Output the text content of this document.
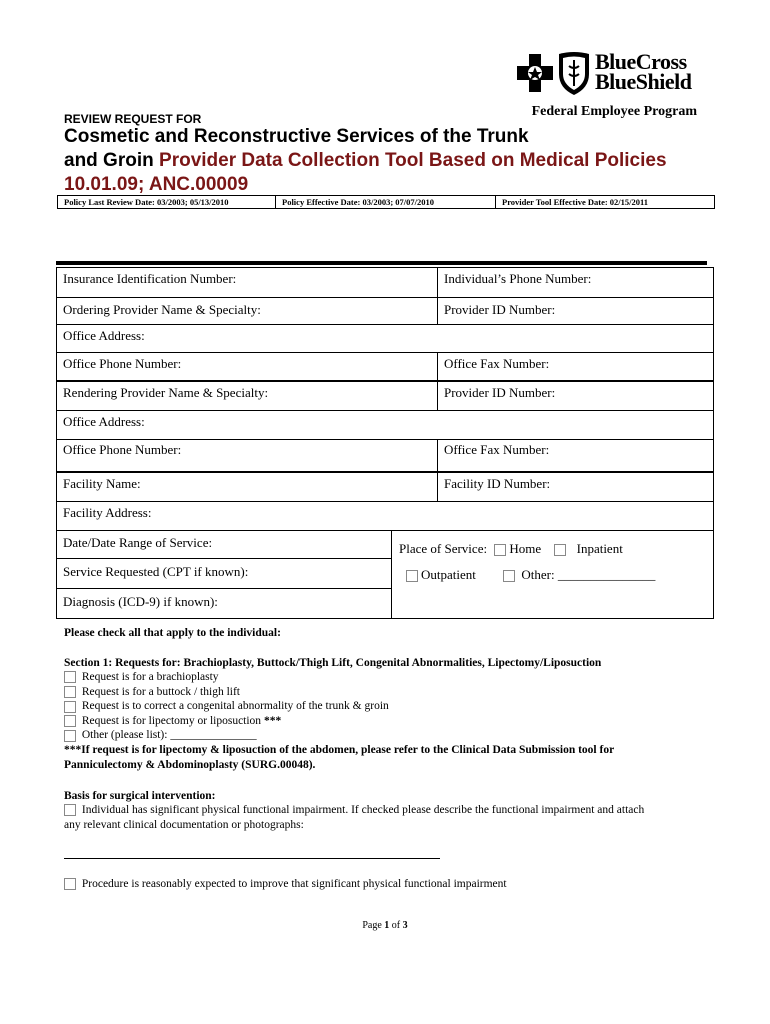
BlueCross
BlueShield
Federal Employee Program
REVIEW REQUEST FOR
Cosmetic and Reconstructive Services of the Trunk
and Groin Provider Data Collection Tool Based on Medical Policies
10.01.09; ANC.00009
Policy Last Review Date: 03/2003; 05/13/2010	Policy Effective Date: 03/2003; 07/07/2010	Provider Tool Effective Date: 02/15/2011
Insurance Identification Number:	Individual’s Phone Number:
Ordering Provider Name & Specialty:	Provider ID Number:
Office Address:
Office Phone Number:	Office Fax Number:
Rendering Provider Name & Specialty:	Provider ID Number:
Office Address:
Office Phone Number:	Office Fax Number:
Facility Name:	Facility ID Number:
Facility Address:
Date/Date Range of Service:
Service Requested (CPT if known):
Diagnosis (ICD-9) if known):
Place of Service: Home	Inpatient
Outpatient	Other: _______________
Please check all that apply to the individual:
Section 1: Requests for: Brachioplasty, Buttock/Thigh Lift, Congenital Abnormalities, Lipectomy/Liposuction
Request is for a brachioplasty
Request is for a buttock / thigh lift
Request is to correct a congenital abnormality of the trunk & groin
Request is for lipectomy or liposuction ***
Other (please list): _______________
***If request is for lipectomy & liposuction of the abdomen, please refer to the Clinical Data Submission tool for
Panniculectomy & Abdominoplasty (SURG.00048).
Basis for surgical intervention:
Individual has significant physical functional impairment. If checked please describe the functional impairment and attach
any relevant clinical documentation or photographs:
Procedure is reasonably expected to improve that significant physical functional impairment
Page 1 of 3
